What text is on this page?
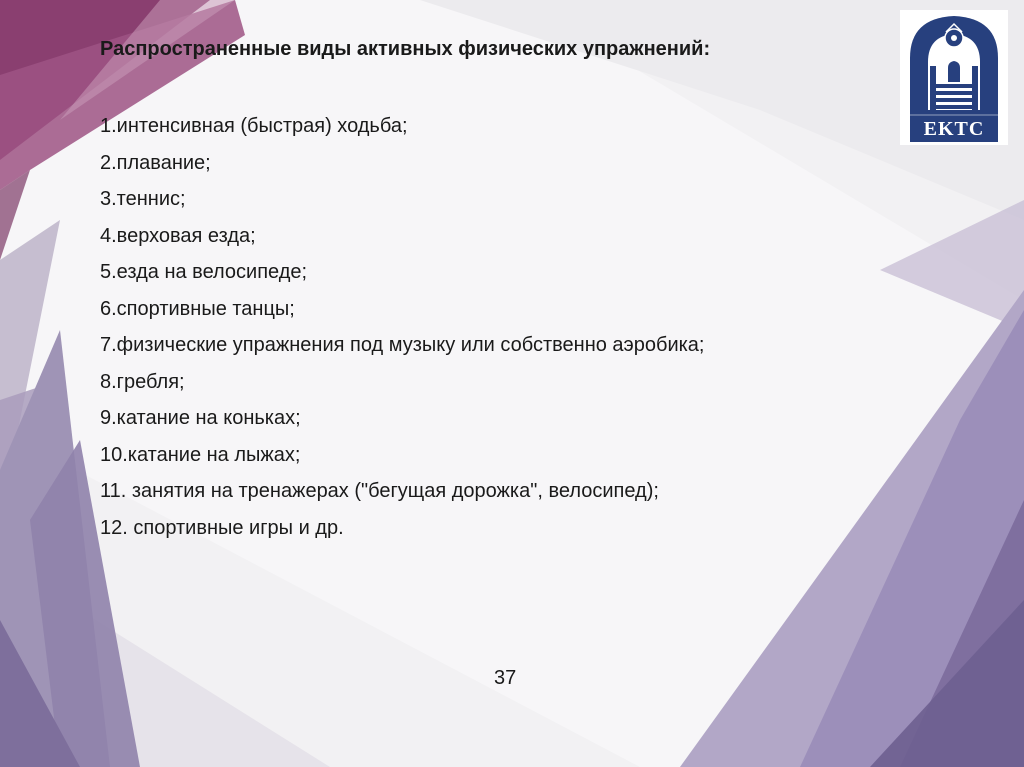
Распространенные виды активных физических упражнений:
1.интенсивная (быстрая) ходьба;
2.плавание;
3.теннис;
4.верховая езда;
5.езда на велосипеде;
6.спортивные танцы;
7.физические упражнения под музыку или собственно аэробика;
8.гребля;
9.катание на коньках;
10.катание на лыжах;
11. занятия на тренажерах ("бегущая дорожка", велосипед);
12. спортивные игры и др.
37
EKTC
